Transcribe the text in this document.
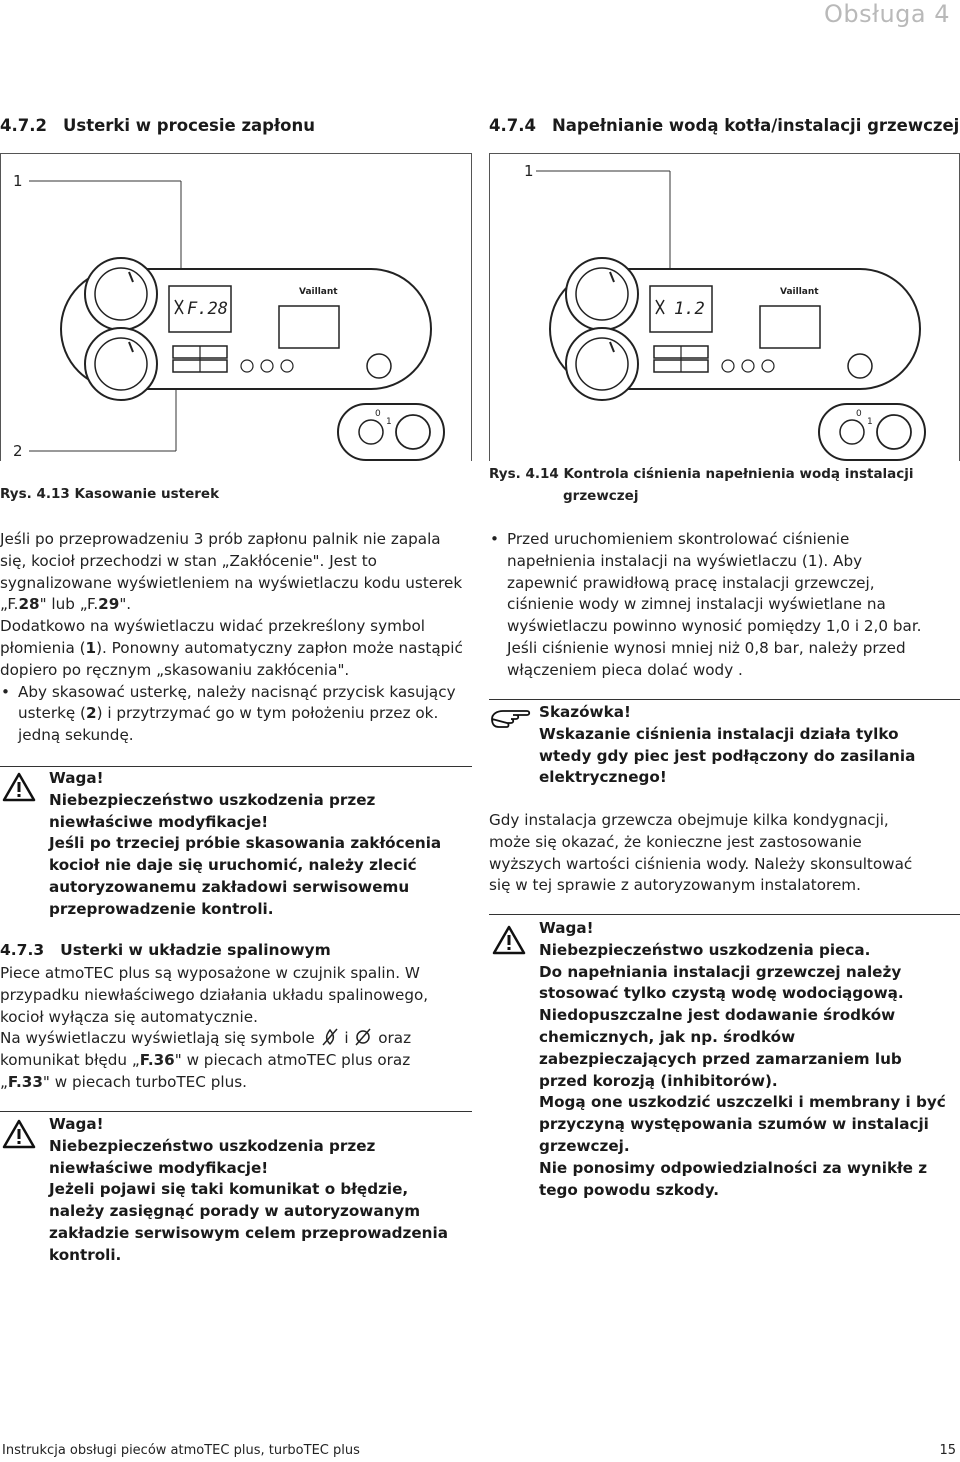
Obsługa 4
4.7.2 Usterki w procesie zapłonu	4.7.4 Napełnianie wodą kotła/instalacji grzewczej
1
2
F.28
Vaillant
0
1
1
1.2
Vaillant
0
1
Rys. 4.13 Kasowanie usterek
Rys. 4.14 Kontrola ciśnienia napełnienia wodą instalacji
grzewczej

Jeśli po przeprowadzeniu 3 prób zapłonu palnik nie zapala się, kocioł przechodzi w stan „Zakłócenie". Jest to sygnalizowane wyświetleniem na wyświetlaczu kodu usterek „F.28" lub „F.29".

Dodatkowo na wyświetlaczu widać przekreślony symbol płomienia (1). Ponowny automatyczny zapłon może nastąpić dopiero po ręcznym „skasowaniu zakłócenia".

• Aby skasować usterkę, należy nacisnąć przycisk kasujący usterkę (2) i przytrzymać go w tym położeniu przez ok. jedną sekundę.

Waga!

Niebezpieczeństwo uszkodzenia przez

niewłaściwe modyfikacje!

Jeśli po trzeciej próbie skasowania zakłócenia

kocioł nie daje się uruchomić, należy zlecić

autoryzowanemu zakładowi serwisowemu

przeprowadzenie kontroli.

4.7.3 Usterki w układzie spalinowym

Piece atmoTEC plus są wyposażone w czujnik spalin. W

przypadku niewłaściwego działania układu spalinowego,

kocioł wyłącza się automatycznie.

Na wyświetlaczu wyświetlają się symbole i oraz

komunikat błędu „F.36" w piecach atmoTEC plus oraz

„F.33" w piecach turboTEC plus.

Waga!

Niebezpieczeństwo uszkodzenia przez

niewłaściwe modyfikacje!

Jeżeli pojawi się taki komunikat o błędzie,

należy zasięgnąć porady w autoryzowanym

zakładzie serwisowym celem przeprowadzenia

kontroli.

• Przed uruchomieniem skontrolować ciśnienie

napełnienia instalacji na wyświetlaczu (1). Aby

zapewnić prawidłową pracę instalacji grzewczej,

ciśnienie wody w zimnej instalacji wyświetlane na

wyświetlaczu powinno wynosić pomiędzy 1,0 i 2,0 bar.

Jeśli ciśnienie wynosi mniej niż 0,8 bar, należy przed

włączeniem pieca dolać wody .

Skazówka!

Wskazanie ciśnienia instalacji działa tylko

wtedy gdy piec jest podłączony do zasilania

elektrycznego!

Gdy instalacja grzewcza obejmuje kilka kondygnacji,

może się okazać, że konieczne jest zastosowanie

wyższych wartości ciśnienia wody. Należy skonsultować

się w tej sprawie z autoryzowanym instalatorem.

Waga!

Niebezpieczeństwo uszkodzenia pieca.

Do napełniania instalacji grzewczej należy

stosować tylko czystą wodę wodociągową.

Niedopuszczalne jest dodawanie środków

chemicznych, jak np. środków

zabezpieczających przed zamarzaniem lub

przed korozją (inhibitorów).

Mogą one uszkodzić uszczelki i membrany i być

przyczyną występowania szumów w instalacji

grzewczej.

Nie ponosimy odpowiedzialności za wynikłe z

tego powodu szkody.

Instrukcja obsługi pieców atmoTEC plus, turboTEC plus	15
